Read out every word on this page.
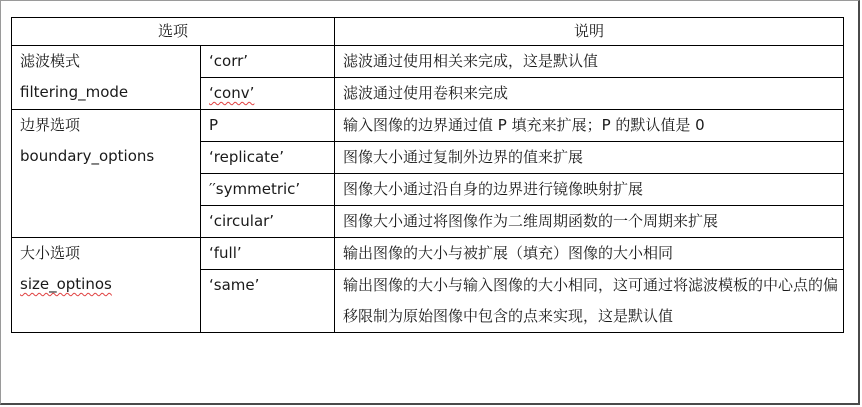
选项		说明

滤波模式
filtering_mode	‘corr’	滤波通过使用相关来完成，这是默认值
	‘conv’	滤波通过使用卷积来完成

边界选项
boundary_options	P	输入图像的边界通过值 P 填充来扩展；P 的默认值是 0
	‘replicate’	图像大小通过复制外边界的值来扩展
	′′symmetric’	图像大小通过沿自身的边界进行镜像映射扩展
	‘circular’	图像大小通过将图像作为二维周期函数的一个周期来扩展

大小选项
size_optinos	‘full’	输出图像的大小与被扩展（填充）图像的大小相同
	‘same’	输出图像的大小与输入图像的大小相同，这可通过将滤波模板的中心点的偏移限制为原始图像中包含的点来实现，这是默认值
